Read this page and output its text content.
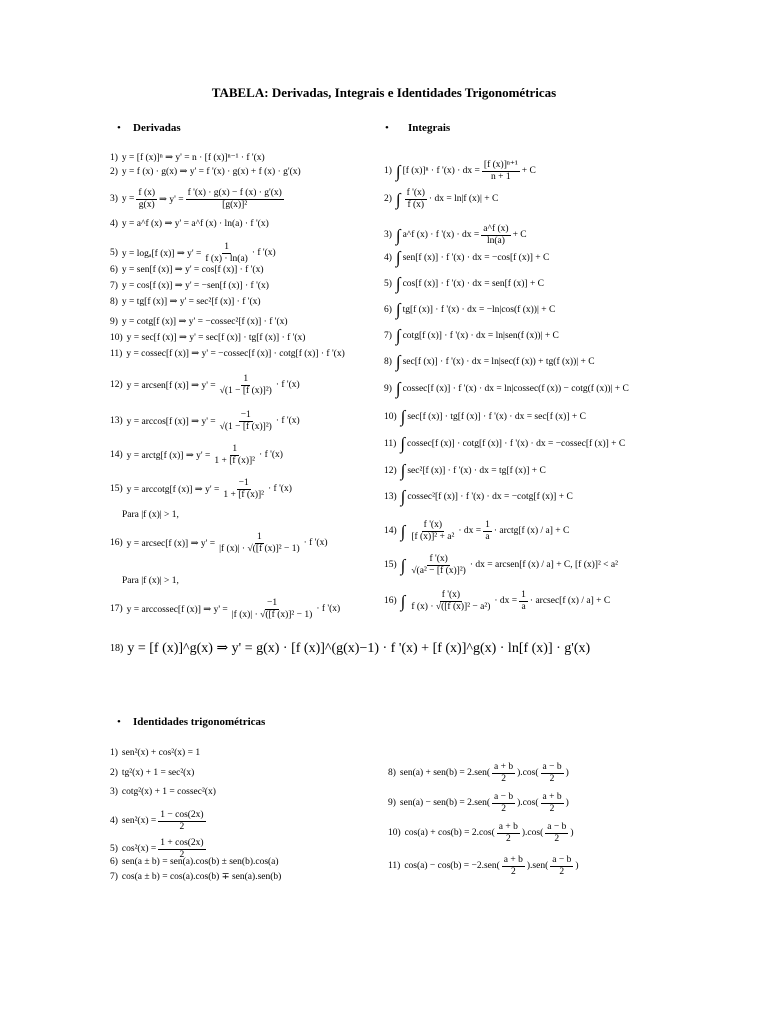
TABELA: Derivadas, Integrais e Identidades Trigonométricas
• Derivadas	• Integrais
• Identidades trigonométricas
1) y = [f (x)]ⁿ ⇒ y' = n · [f (x)]ⁿ⁻¹ · f '(x)
2) y = f (x) · g(x) ⇒ y' = f '(x) · g(x) + f (x) · g'(x)
3) $y = \frac{f (x)}{g(x)}$ ⇒ $y' = \frac{f '(x) \cdot g(x) - f (x) \cdot g'(x)}{\text{[g(x)]²}}$
4) y = a^f (x) ⇒ y' = a^f (x) · ln(a) · f '(x)
5) y = logₐ[f (x)] ⇒ $y' = \frac{1}{f (x) \cdot \ln(a)} \cdot f$ '(x)
6) y = sen[f (x)] ⇒ y' = cos[f (x)] · f '(x)
7) y = cos[f (x)] ⇒ y' = −sen[f (x)] · f '(x)
8) y = tg[f (x)] ⇒ y' = sec²[f (x)] · f '(x)
9) y = cotg[f (x)] ⇒ y' = −cossec²[f (x)] · f '(x)
10) y = sec[f (x)] ⇒ y' = sec[f (x)] · tg[f (x)] · f '(x)
11) y = cossec[f (x)] ⇒ y' = −cossec[f (x)] · cotg[f (x)] · f '(x)
12) y = arcsen[f (x)] ⇒ $y' = \frac{1}{\text{√(1 − [f (x)]²)}} \cdot f$ '(x)
13) y = arccos[f (x)] ⇒ $y' = \frac{-1}{\text{√(1 − [f (x)]²)}} \cdot f$ '(x)
14) y = arctg[f (x)] ⇒ $y' = \frac{1}{\text{1 + [f (x)]²}} \cdot f$ '(x)
15) y = arccotg[f (x)] ⇒ $y' = \frac{-1}{\text{1 + [f (x)]²}} \cdot f$ '(x)
Para |f (x)| > 1,
16) y = arcsec[f (x)] ⇒ $y' = \frac{1}{\text{|f (x)| · √([f (x)]² − 1)}} \cdot f$ '(x)
Para |f (x)| > 1,
17) y = arccossec[f (x)] ⇒ $y' = \frac{-1}{\text{|f (x)| · √([f (x)]² − 1)}} \cdot f$ '(x)
18) y = [f (x)]^g(x) ⇒ y' = g(x) · [f (x)]^(g(x)−1) · f '(x) + [f (x)]^g(x) · ln[f (x)] · g'(x)
1) ∫ [f (x)]ⁿ · f '(x) · dx = $\frac{\text{[f (x)]ⁿ⁺¹}}{n + 1} + C$
2) ∫ $\frac{f '(x)}{f (x)}$ · dx = ln|f (x)| + C
3) ∫ a^f (x) · f '(x) · dx = $\frac{a\^{}f (x)}{\ln(a)} + C$
4) ∫ sen[f (x)] · f '(x) · dx = −cos[f (x)] + C
5) ∫ cos[f (x)] · f '(x) · dx = sen[f (x)] + C
6) ∫ tg[f (x)] · f '(x) · dx = −ln|cos(f (x))| + C
7) ∫ cotg[f (x)] · f '(x) · dx = ln|sen(f (x))| + C
8) ∫ sec[f (x)] · f '(x) · dx = ln|sec(f (x)) + tg(f (x))| + C
9) ∫ cossec[f (x)] · f '(x) · dx = ln|cossec(f (x)) − cotg(f (x))| + C
10) ∫ sec[f (x)] · tg[f (x)] · f '(x) · dx = sec[f (x)] + C
11) ∫ cossec[f (x)] · cotg[f (x)] · f '(x) · dx = −cossec[f (x)] + C
12) ∫ sec²[f (x)] · f '(x) · dx = tg[f (x)] + C
13) ∫ cossec²[f (x)] · f '(x) · dx = −cotg[f (x)] + C
14) ∫ $\frac{f '(x)}{\text{[f (x)]² + a²}}$ · dx = $\frac{1}{a}$ · arctg[f (x) / a] + C
15) ∫ $\frac{f '(x)}{\text{√(a² − [f (x)]²)}}$ · dx = arcsen[f (x) / a] + C, [f (x)]² < a²
16) ∫ $\frac{f '(x)}{\text{f (x) · √([f (x)]² − a²)}}$ · dx = $\frac{1}{a} \cdot arcsec[f$ (x) / a] + C
1) sen²(x) + cos²(x) = 1
2) tg²(x) + 1 = sec²(x)
3) cotg²(x) + 1 = cossec²(x)
4) $sen^2(x) = \frac{1 - \cos(2x)}{2}$
5) $\cos^2(x) = \frac{1 + \cos(2x)}{2}$
6) sen(a ± b) = sen(a).cos(b) ± sen(b).cos(a)
7) cos(a ± b) = cos(a).cos(b) ∓ sen(a).sen(b)
8) $sen(a) + sen(b) = 2.sen( \frac{a + b}{2} ).\cos( \frac{a - b}{2}$ )
9) $sen(a) - sen(b) = 2.sen( \frac{a - b}{2} ).\cos( \frac{a + b}{2}$ )
10) $\cos(a) + \cos(b) = 2.\cos( \frac{a + b}{2} ).\cos( \frac{a - b}{2}$ )
11) $\cos(a) - \cos(b) = -2.sen( \frac{a + b}{2} ).sen( \frac{a - b}{2}$ )
